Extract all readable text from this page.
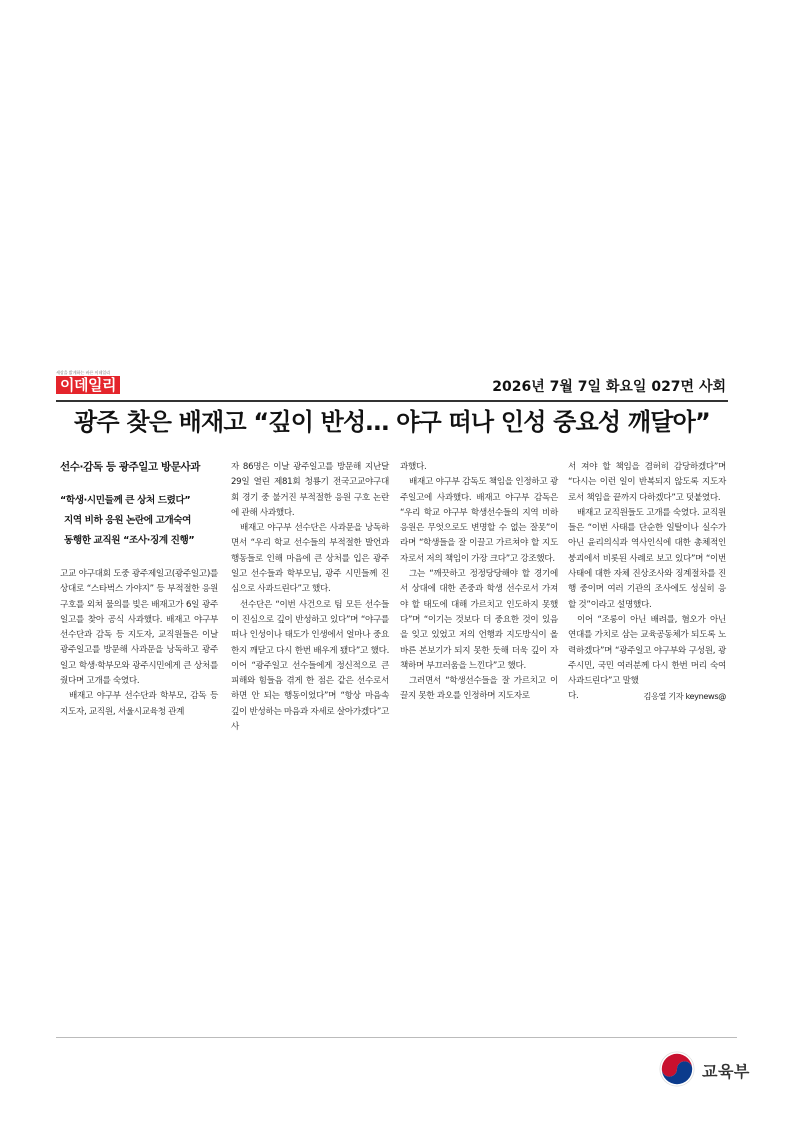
세상을 밝게하는 바른 이데일리
이데일리	2026년 7월 7일 화요일 027면 사회
광주 찾은 배재고 “깊이 반성… 야구 떠나 인성 중요성 깨달아”
선수·감독 등 광주일고 방문사과
“학생·시민들께 큰 상처 드렸다”
지역 비하 응원 논란에 고개숙여
동행한 교직원 “조사·징계 진행”

고교 야구대회 도중 광주제일고(광주일고)를 상대로 “스타벅스 가야지” 등 부적절한 응원 구호를 외쳐 물의를 빚은 배재고가 6일 광주일고를 찾아 공식 사과했다. 배재고 야구부 선수단과 감독 등 지도자, 교직원들은 이날 광주일고를 방문해 사과문을 낭독하고 광주일고 학생·학부모와 광주시민에게 큰 상처를 줬다며 고개를 숙였다.

배재고 야구부 선수단과 학부모, 감독 등 지도자, 교직원, 서울시교육청 관계

자 86명은 이날 광주일고를 방문해 지난달 29일 열린 제81회 청룡기 전국고교야구대회 경기 중 불거진 부적절한 응원 구호 논란에 관해 사과했다.

배재고 야구부 선수단은 사과문을 낭독하면서 “우리 학교 선수들의 부적절한 발언과 행동들로 인해 마음에 큰 상처를 입은 광주일고 선수들과 학부모님, 광주 시민들께 진심으로 사과드린다”고 했다.

선수단은 “이번 사건으로 팀 모든 선수들이 진심으로 깊이 반성하고 있다”며 “야구를 떠나 인성이나 태도가 인생에서 얼마나 중요한지 깨닫고 다시 한번 배우게 됐다”고 했다. 이어 “광주일고 선수들에게 정신적으로 큰 피해와 힘들음 겪게 한 점은 같은 선수로서 하면 안 되는 행동이었다”며 “항상 마음속 깊이 반성하는 마음과 자세로 살아가겠다”고 사

과했다.

배재고 야구부 감독도 책임을 인정하고 광주일고에 사과했다. 배재고 야구부 감독은 “우리 학교 야구부 학생선수들의 지역 비하 응원은 무엇으로도 변명할 수 없는 잘못”이라며 “학생들을 잘 이끌고 가르쳐야 할 지도자로서 저의 책임이 가장 크다”고 강조했다.

그는 “깨끗하고 정정당당해야 할 경기에서 상대에 대한 존중과 학생 선수로서 가져야 할 태도에 대해 가르치고 인도하지 못했다”며 “이기는 것보다 더 중요한 것이 있음을 잊고 있었고 저의 언행과 지도방식이 올바른 본보기가 되지 못한 듯해 더욱 깊이 자책하며 부끄러움을 느낀다”고 했다.

그러면서 “학생선수들을 잘 가르치고 이끌지 못한 과오를 인정하며 지도자로

서 져야 할 책임을 겸허히 감당하겠다”며 “다시는 이런 일이 반복되지 않도록 지도자로서 책임을 끝까지 다하겠다”고 덧붙였다.

배재고 교직원들도 고개를 숙였다. 교직원들은 “이번 사태를 단순한 일탈이나 실수가 아닌 윤리의식과 역사인식에 대한 총체적인 붕괴에서 비롯된 사례로 보고 있다”며 “이번 사태에 대한 자체 진상조사와 징계절차를 진행 중이며 여러 기관의 조사에도 성실히 응할 것”이라고 설명했다.

이어 “조롱이 아닌 배려를, 혐오가 아닌 연대를 가치로 삼는 교육공동체가 되도록 노력하겠다”며 “광주일고 야구부와 구성원, 광주시민, 국민 여러분께 다시 한번 머리 숙여 사과드린다”고 말했

다.	김응열 기자 keynews@

교육부
